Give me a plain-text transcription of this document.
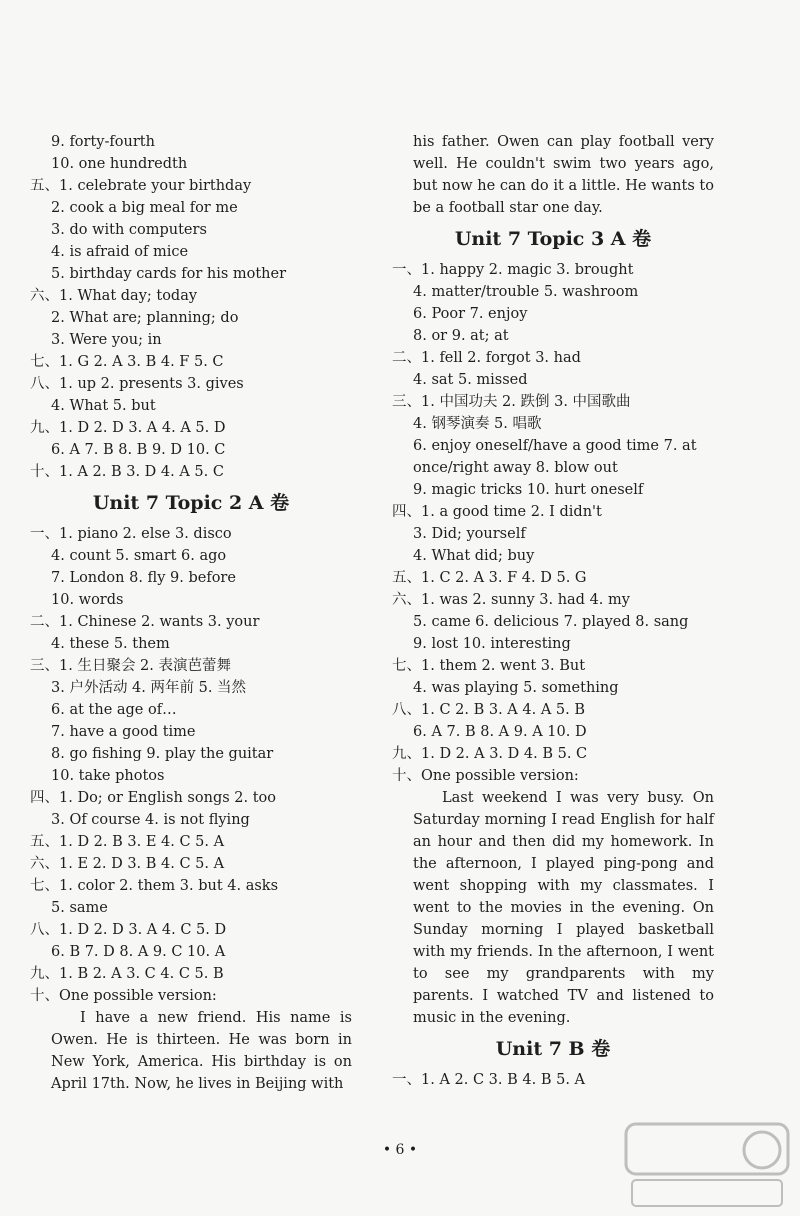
9. forty-fourth
10. one hundredth
五、1. celebrate your birthday
2. cook a big meal for me
3. do with computers
4. is afraid of mice
5. birthday cards for his mother
六、1. What day; today
2. What are; planning; do
3. Were you; in
七、1. G 2. A 3. B 4. F 5. C
八、1. up 2. presents 3. gives
4. What 5. but
九、1. D 2. D 3. A 4. A 5. D
6. A 7. B 8. B 9. D 10. C
十、1. A 2. B 3. D 4. A 5. C
Unit 7 Topic 2 A 卷
一、1. piano 2. else 3. disco
4. count 5. smart 6. ago
7. London 8. fly 9. before
10. words
二、1. Chinese 2. wants 3. your
4. these 5. them
三、1. 生日聚会 2. 表演芭蕾舞
3. 户外活动 4. 两年前 5. 当然
6. at the age of…
7. have a good time
8. go fishing 9. play the guitar
10. take photos
四、1. Do; or English songs 2. too
3. Of course 4. is not flying
五、1. D 2. B 3. E 4. C 5. A
六、1. E 2. D 3. B 4. C 5. A
七、1. color 2. them 3. but 4. asks
5. same
八、1. D 2. D 3. A 4. C 5. D
6. B 7. D 8. A 9. C 10. A
九、1. B 2. A 3. C 4. C 5. B
十、One possible version:
I have a new friend. His name is Owen. He is thirteen. He was born in New York, America. His birthday is on April 17th. Now, he lives in Beijing with
his father. Owen can play football very well. He couldn't swim two years ago, but now he can do it a little. He wants to be a football star one day.
Unit 7 Topic 3 A 卷
一、1. happy 2. magic 3. brought
4. matter/trouble 5. washroom
6. Poor 7. enjoy
8. or 9. at; at
二、1. fell 2. forgot 3. had
4. sat 5. missed
三、1. 中国功夫 2. 跌倒 3. 中国歌曲
4. 钢琴演奏 5. 唱歌
6. enjoy oneself/have a good time 7. at
once/right away 8. blow out
9. magic tricks 10. hurt oneself
四、1. a good time 2. I didn't
3. Did; yourself
4. What did; buy
五、1. C 2. A 3. F 4. D 5. G
六、1. was 2. sunny 3. had 4. my
5. came 6. delicious 7. played 8. sang
9. lost 10. interesting
七、1. them 2. went 3. But
4. was playing 5. something
八、1. C 2. B 3. A 4. A 5. B
6. A 7. B 8. A 9. A 10. D
九、1. D 2. A 3. D 4. B 5. C
十、One possible version:
Last weekend I was very busy. On Saturday morning I read English for half an hour and then did my homework. In the afternoon, I played ping-pong and went shopping with my classmates. I went to the movies in the evening. On Sunday morning I played basketball with my friends. In the afternoon, I went to see my grandparents with my parents. I watched TV and listened to music in the evening.
Unit 7 B 卷
一、1. A 2. C 3. B 4. B 5. A
• 6 •
